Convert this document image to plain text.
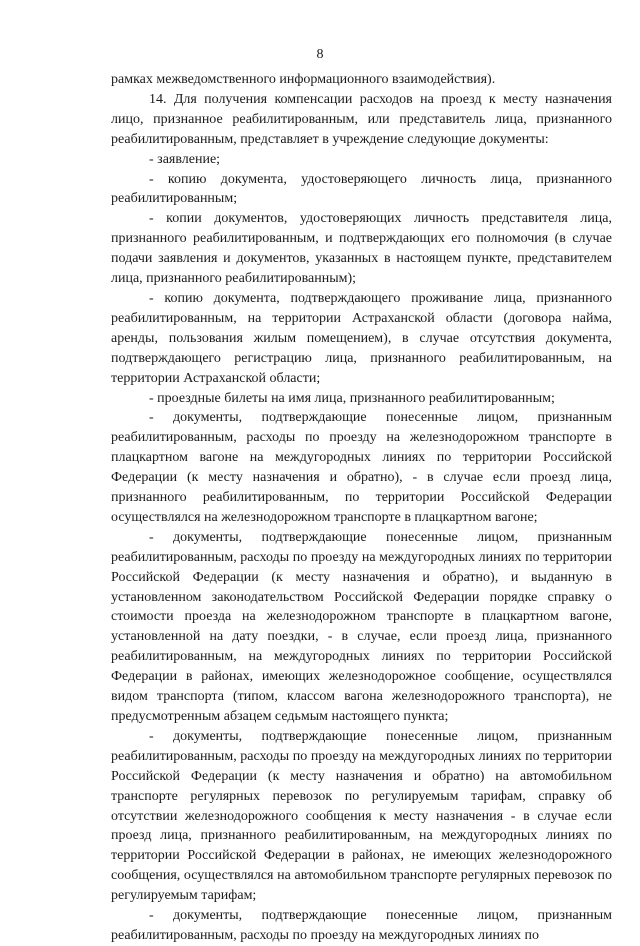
8

рамках межведомственного информационного взаимодействия).

14. Для получения компенсации расходов на проезд к месту назначения лицо, признанное реабилитированным, или представитель лица, признанного реабилитированным, представляет в учреждение следующие документы:

- заявление;

- копию документа, удостоверяющего личность лица, признанного реабилитированным;

- копии документов, удостоверяющих личность представителя лица, признанного реабилитированным, и подтверждающих его полномочия (в случае подачи заявления и документов, указанных в настоящем пункте, представителем лица, признанного реабилитированным);

- копию документа, подтверждающего проживание лица, признанного реабилитированным, на территории Астраханской области (договора найма, аренды, пользования жилым помещением), в случае отсутствия документа, подтверждающего регистрацию лица, признанного реабилитированным, на территории Астраханской области;

- проездные билеты на имя лица, признанного реабилитированным;

- документы, подтверждающие понесенные лицом, признанным реабилитированным, расходы по проезду на железнодорожном транспорте в плацкартном вагоне на междугородных линиях по территории Российской Федерации (к месту назначения и обратно), - в случае если проезд лица, признанного реабилитированным, по территории Российской Федерации осуществлялся на железнодорожном транспорте в плацкартном вагоне;

- документы, подтверждающие понесенные лицом, признанным реабилитированным, расходы по проезду на междугородных линиях по территории Российской Федерации (к месту назначения и обратно), и выданную в установленном законодательством Российской Федерации порядке справку о стоимости проезда на железнодорожном транспорте в плацкартном вагоне, установленной на дату поездки, - в случае, если проезд лица, признанного реабилитированным, на междугородных линиях по территории Российской Федерации в районах, имеющих железнодорожное сообщение, осуществлялся видом транспорта (типом, классом вагона железнодорожного транспорта), не предусмотренным абзацем седьмым настоящего пункта;

- документы, подтверждающие понесенные лицом, признанным реабилитированным, расходы по проезду на междугородных линиях по территории Российской Федерации (к месту назначения и обратно) на автомобильном транспорте регулярных перевозок по регулируемым тарифам, справку об отсутствии железнодорожного сообщения к месту назначения - в случае если проезд лица, признанного реабилитированным, на междугородных линиях по территории Российской Федерации в районах, не имеющих железнодорожного сообщения, осуществлялся на автомобильном транспорте регулярных перевозок по регулируемым тарифам;

- документы, подтверждающие понесенные лицом, признанным реабилитированным, расходы по проезду на междугородных линиях по
